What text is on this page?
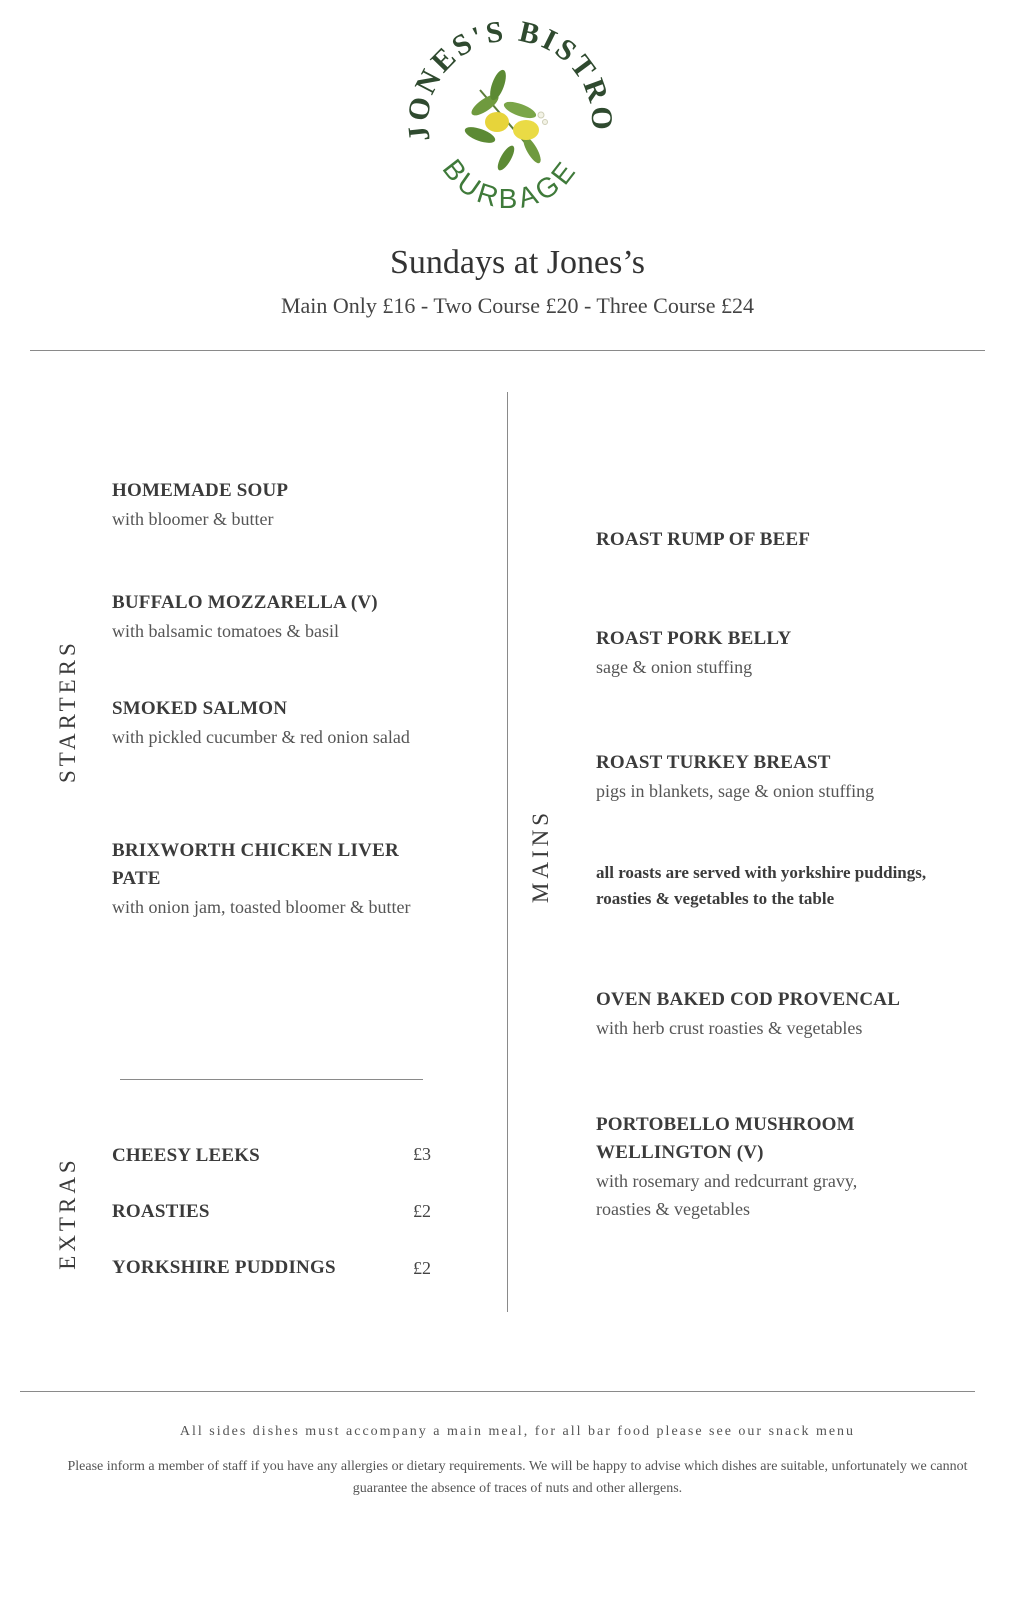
JONES'S BISTRO
BURBAGE
Sundays at Jones’s
Main Only £16 - Two Course £20 - Three Course £24
STARTERS
HOMEMADE SOUP
with bloomer & butter
BUFFALO MOZZARELLA (V)
with balsamic tomatoes & basil
SMOKED SALMON
with pickled cucumber & red onion salad
BRIXWORTH CHICKEN LIVER PATE
with onion jam, toasted bloomer & butter
EXTRAS
CHEESY LEEKS	£3
ROASTIES	£2
YORKSHIRE PUDDINGS	£2
MAINS
ROAST RUMP OF BEEF
ROAST PORK BELLY
sage & onion stuffing
ROAST TURKEY BREAST
pigs in blankets, sage & onion stuffing
all roasts are served with yorkshire puddings, roasties & vegetables to the table
OVEN BAKED COD PROVENCAL
with herb crust roasties & vegetables
PORTOBELLO MUSHROOM WELLINGTON (V)
with rosemary and redcurrant gravy, roasties & vegetables
All sides dishes must accompany a main meal, for all bar food please see our snack menu
Please inform a member of staff if you have any allergies or dietary requirements. We will be happy to advise which dishes are suitable, unfortunately we cannot guarantee the absence of traces of nuts and other allergens.
